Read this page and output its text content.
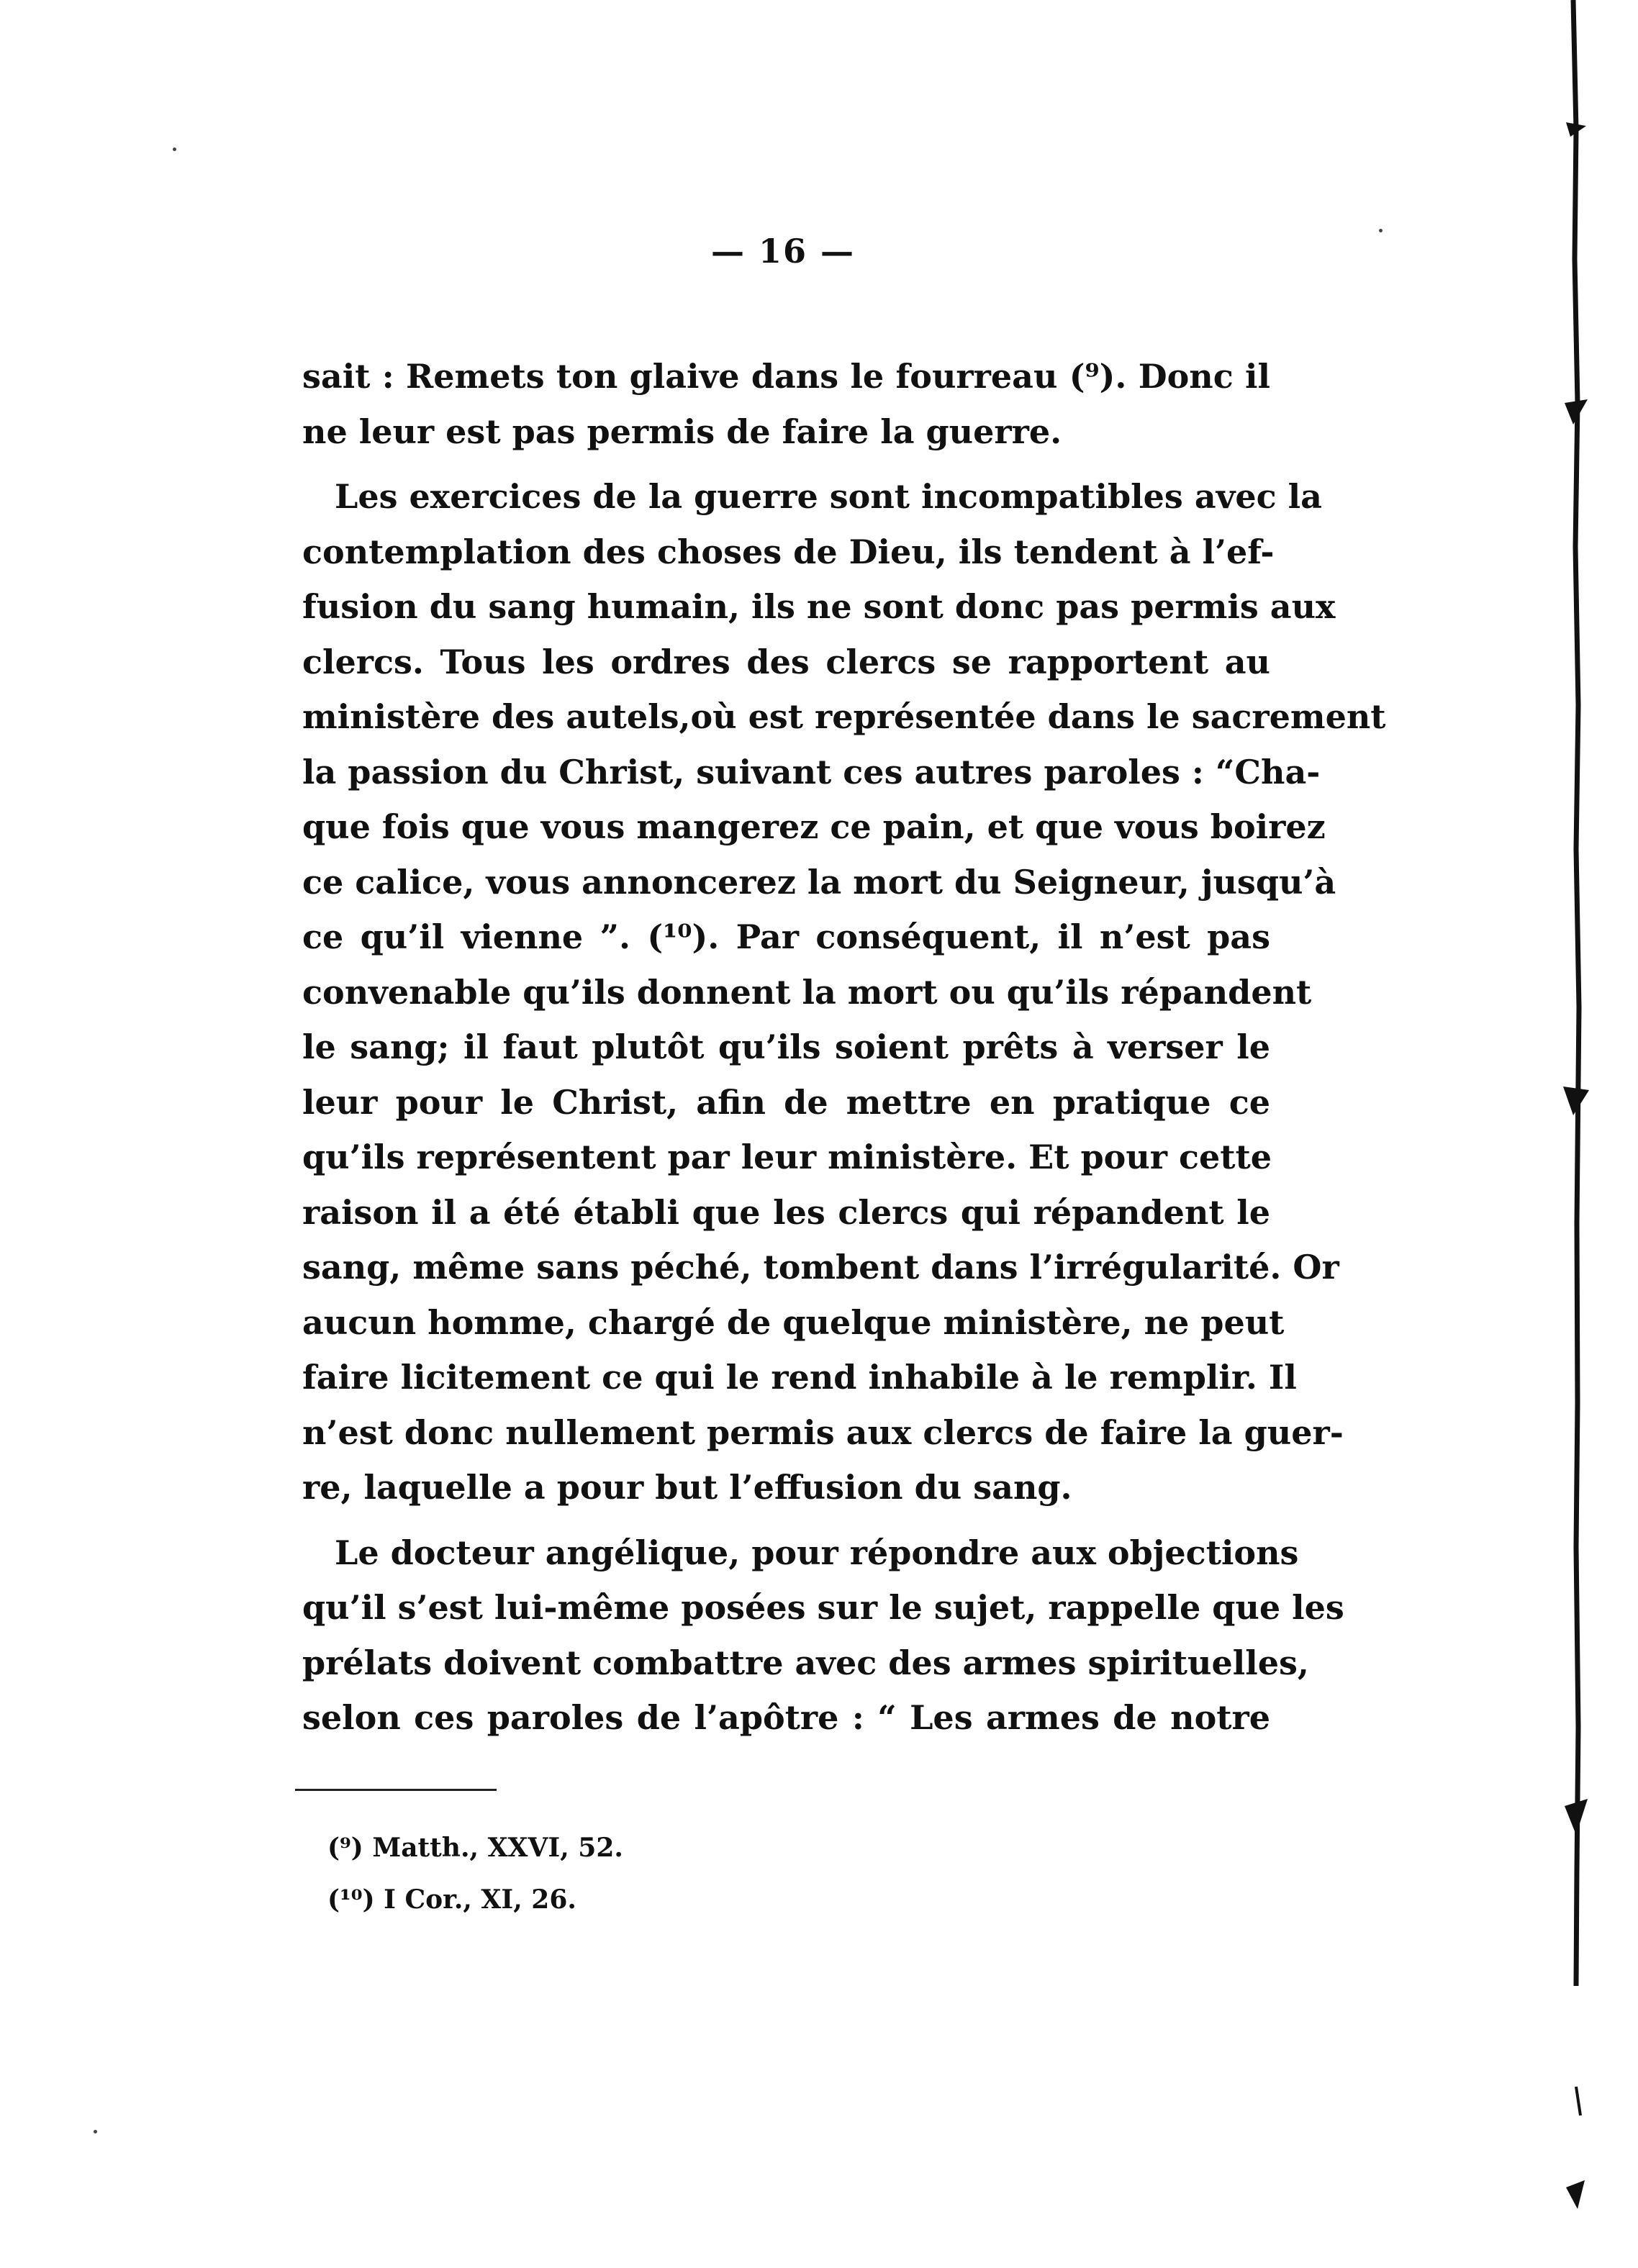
— 16 —
sait : Remets ton glaive dans le fourreau (⁹). Donc il
ne leur est pas permis de faire la guerre.
Les exercices de la guerre sont incompatibles avec la
contemplation des choses de Dieu, ils tendent à l’ef-
fusion du sang humain, ils ne sont donc pas permis aux
clercs. Tous les ordres des clercs se rapportent au
ministère des autels,où est représentée dans le sacrement
la passion du Christ, suivant ces autres paroles : “Cha-
que fois que vous mangerez ce pain, et que vous boirez
ce calice, vous annoncerez la mort du Seigneur, jusqu’à
ce qu’il vienne ”. (¹⁰). Par conséquent, il n’est pas
convenable qu’ils donnent la mort ou qu’ils répandent
le sang; il faut plutôt qu’ils soient prêts à verser le
leur pour le Christ, afin de mettre en pratique ce
qu’ils représentent par leur ministère. Et pour cette
raison il a été établi que les clercs qui répandent le
sang, même sans péché, tombent dans l’irrégularité. Or
aucun homme, chargé de quelque ministère, ne peut
faire licitement ce qui le rend inhabile à le remplir. Il
n’est donc nullement permis aux clercs de faire la guer-
re, laquelle a pour but l’effusion du sang.
Le docteur angélique, pour répondre aux objections
qu’il s’est lui-même posées sur le sujet, rappelle que les
prélats doivent combattre avec des armes spirituelles,
selon ces paroles de l’apôtre : “ Les armes de notre
(⁹) Matth., XXVI, 52.
(¹⁰) I Cor., XI, 26.
